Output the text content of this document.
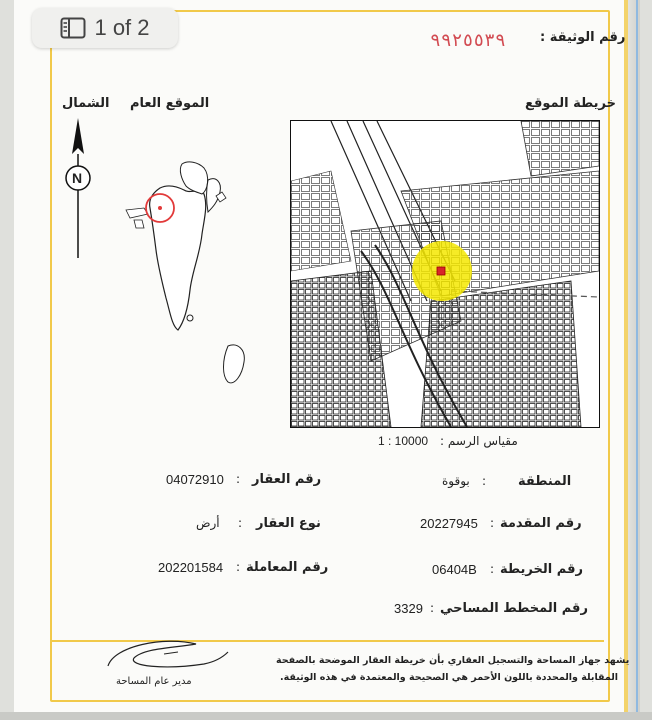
1 of 2	رقم الوثيقة :
٩٩٢٥٥٣٩
خريطة الموقع
الموقع العام
الشمال
N
مقياس الرسم :
1 : 10000
المنطقة
:
بوقوة
رقم المقدمة
:
20227945
رقم الخريطة
:
06404B
رقم المخطط المساحي
:
3329
رقم العقار
:
04072910
نوع العقار
:
أرض
رقم المعاملة
:
202201584
يشهد جهاز المساحة والتسجيل العقاري بأن خريطة العقار الموضحة بالصفحة
المقابلة والمحددة باللون الأحمر هي الصحيحة والمعتمدة في هذه الوثيقة.
مدير عام المساحة
